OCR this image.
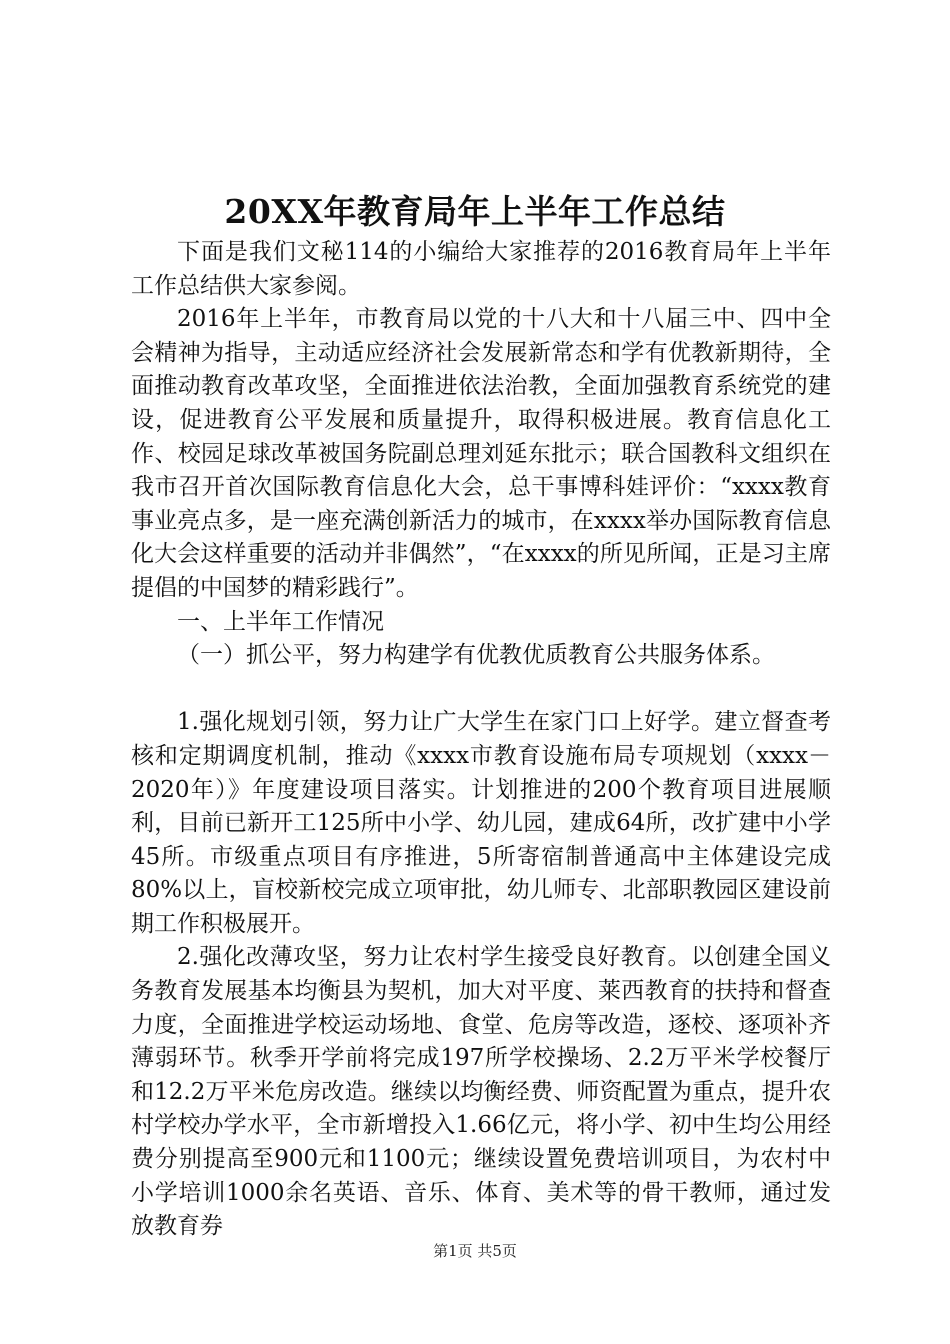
20XX年教育局年上半年工作总结

下面是我们文秘114的小编给大家推荐的2016教育局年上半年工作总结供大家参阅。

2016年上半年，市教育局以党的十八大和十八届三中、四中全会精神为指导，主动适应经济社会发展新常态和学有优教新期待，全面推动教育改革攻坚，全面推进依法治教，全面加强教育系统党的建设，促进教育公平发展和质量提升，取得积极进展。教育信息化工作、校园足球改革被国务院副总理刘延东批示；联合国教科文组织在我市召开首次国际教育信息化大会，总干事博科娃评价：“xxxx教育事业亮点多，是一座充满创新活力的城市，在xxxx举办国际教育信息化大会这样重要的活动并非偶然”，“在xxxx的所见所闻，正是习主席提倡的中国梦的精彩践行”。

一、上半年工作情况

（一）抓公平，努力构建学有优教优质教育公共服务体系。

1.强化规划引领，努力让广大学生在家门口上好学。建立督查考核和定期调度机制，推动《xxxx市教育设施布局专项规划（xxxx－2020年）》年度建设项目落实。计划推进的200个教育项目进展顺利，目前已新开工125所中小学、幼儿园，建成64所，改扩建中小学45所。市级重点项目有序推进，5所寄宿制普通高中主体建设完成80%以上，盲校新校完成立项审批，幼儿师专、北部职教园区建设前期工作积极展开。

2.强化改薄攻坚，努力让农村学生接受良好教育。以创建全国义务教育发展基本均衡县为契机，加大对平度、莱西教育的扶持和督查力度，全面推进学校运动场地、食堂、危房等改造，逐校、逐项补齐薄弱环节。秋季开学前将完成197所学校操场、2.2万平米学校餐厅和12.2万平米危房改造。继续以均衡经费、师资配置为重点，提升农村学校办学水平，全市新增投入1.66亿元，将小学、初中生均公用经费分别提高至900元和1100元；继续设置免费培训项目，为农村中小学培训1000余名英语、音乐、体育、美术等的骨干教师，通过发放教育券

第1页 共5页
